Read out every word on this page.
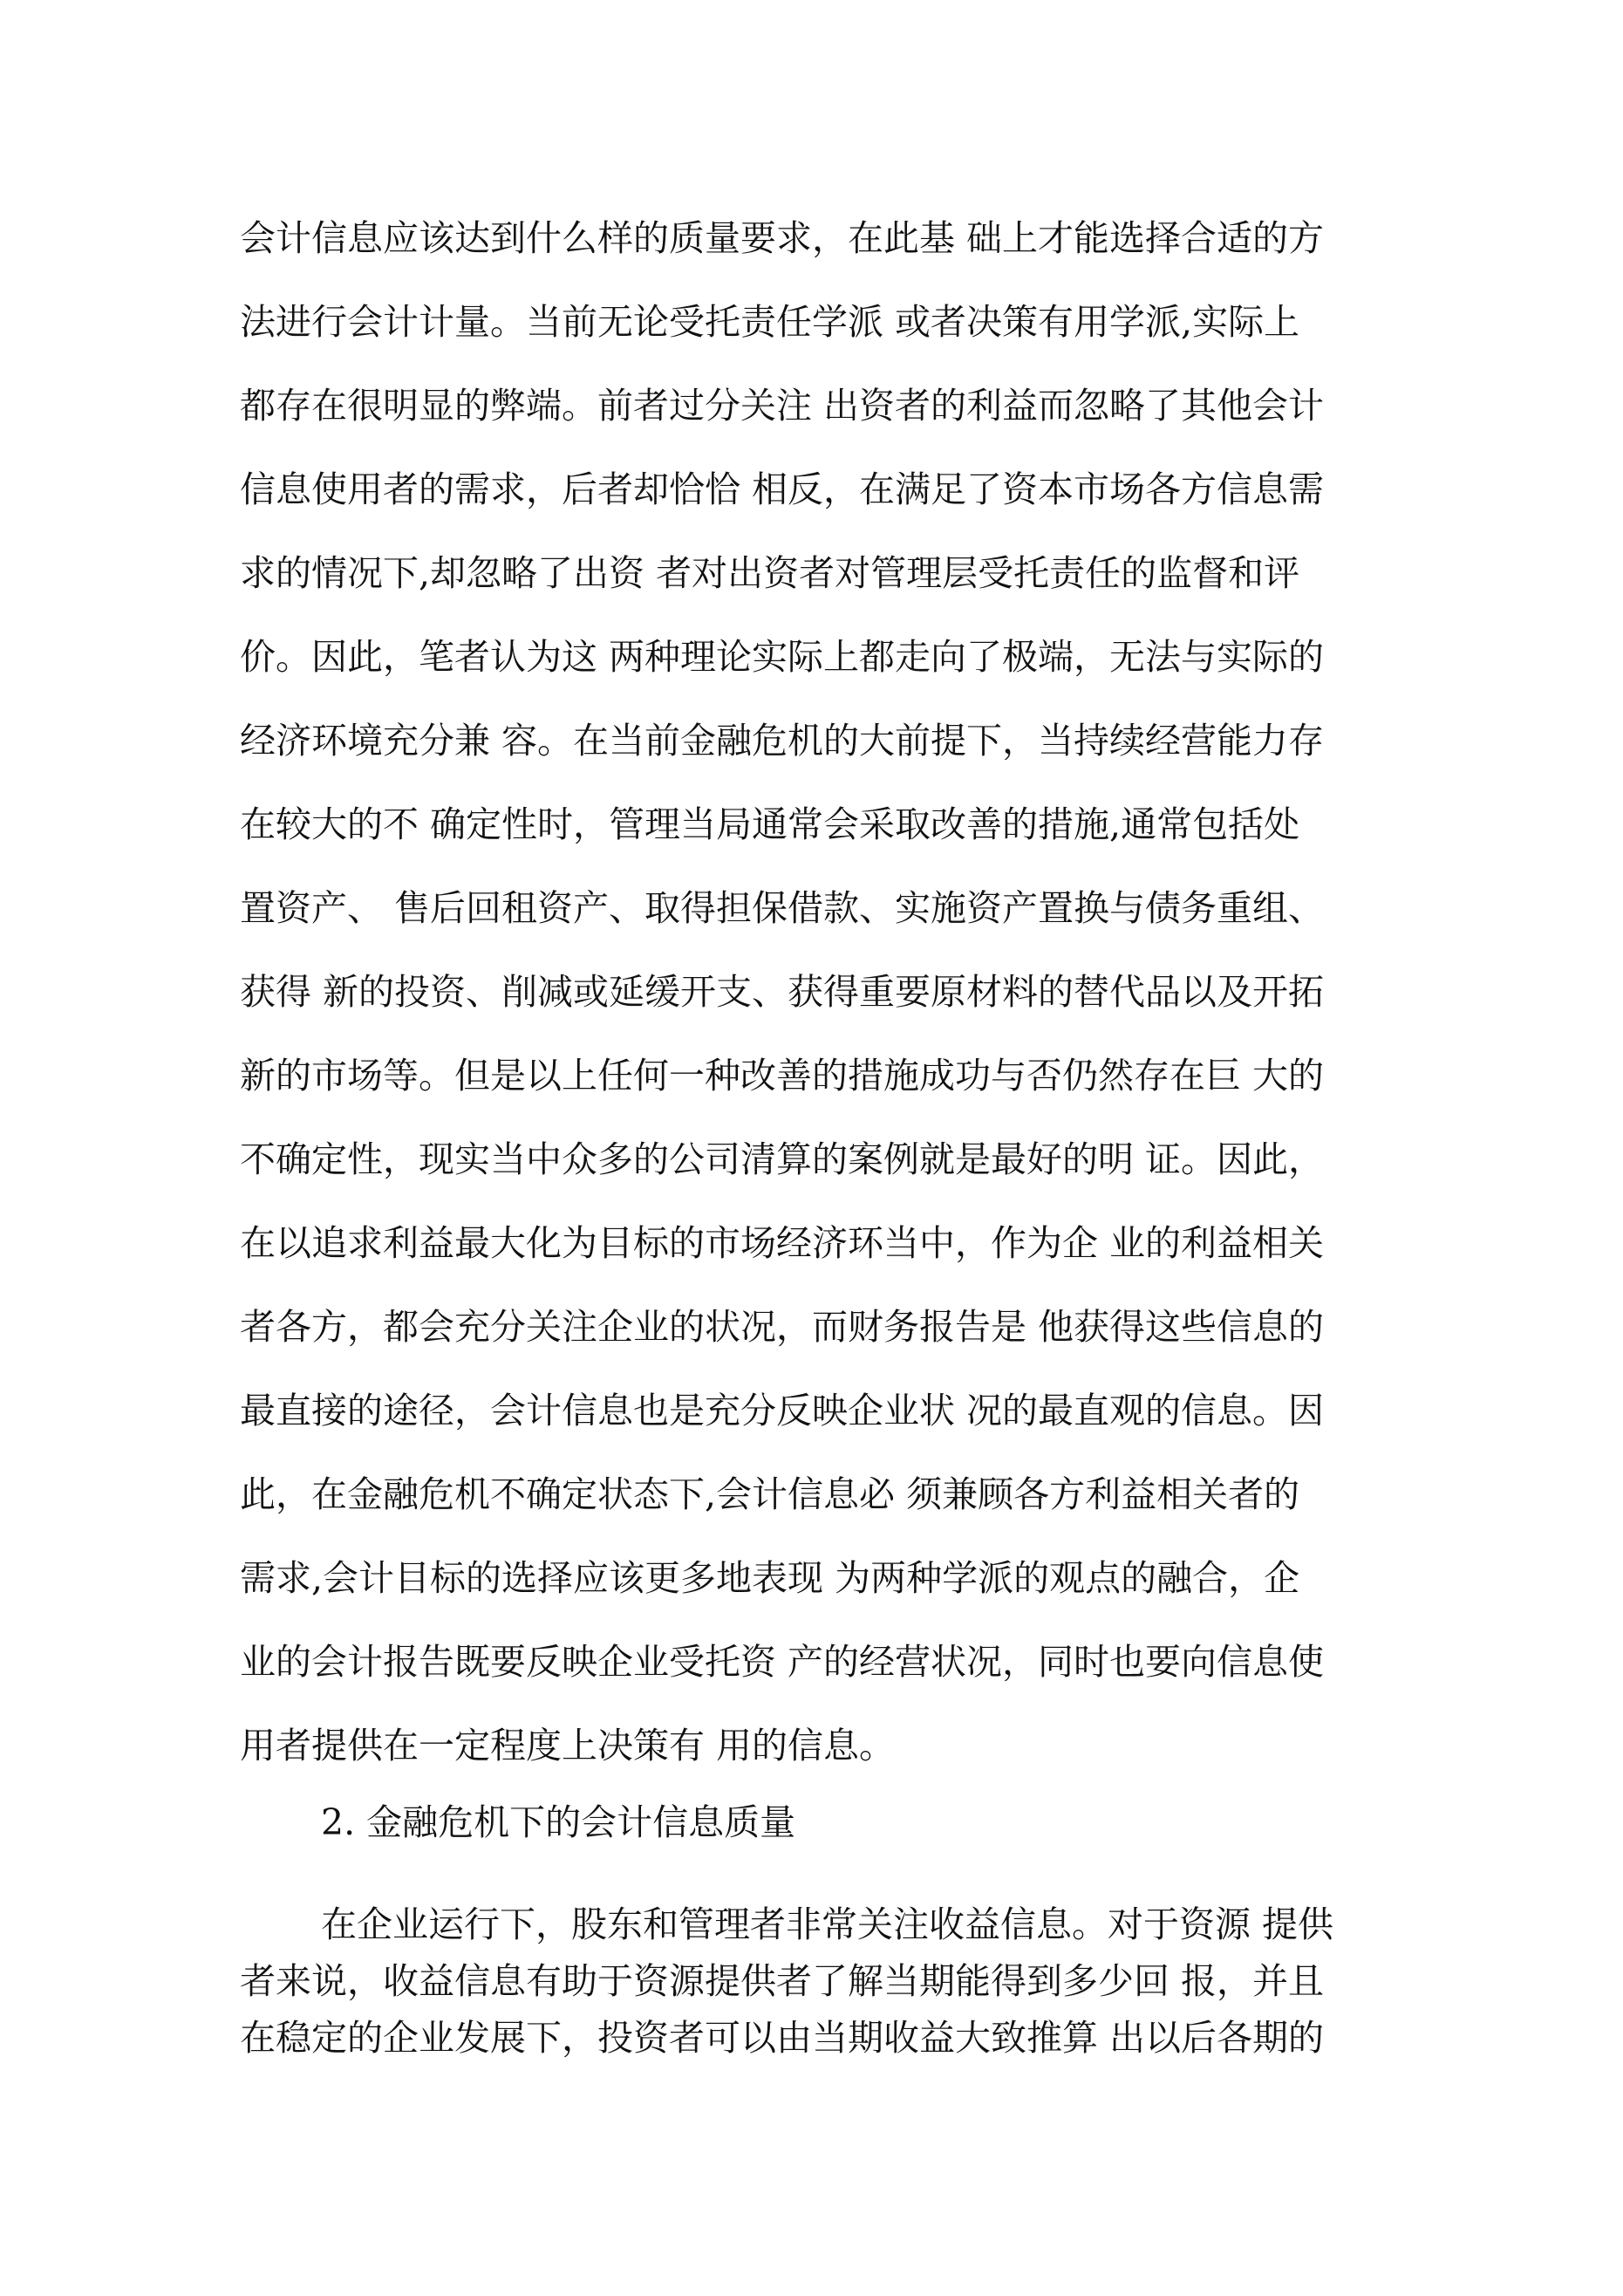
会计信息应该达到什么样的质量要求，在此基 础上才能选择合适的方
法进行会计计量。当前无论受托责任学派 或者决策有用学派,实际上
都存在很明显的弊端。前者过分关注 出资者的利益而忽略了其他会计
信息使用者的需求，后者却恰恰 相反，在满足了资本市场各方信息需
求的情况下,却忽略了出资 者对出资者对管理层受托责任的监督和评
价。因此，笔者认为这 两种理论实际上都走向了极端，无法与实际的
经济环境充分兼 容。在当前金融危机的大前提下，当持续经营能力存
在较大的不 确定性时，管理当局通常会采取改善的措施,通常包括处
置资产、 售后回租资产、取得担保借款、实施资产置换与债务重组、
获得 新的投资、削减或延缓开支、获得重要原材料的替代品以及开拓
新的市场等。但是以上任何一种改善的措施成功与否仍然存在巨 大的
不确定性，现实当中众多的公司清算的案例就是最好的明 证。因此，
在以追求利益最大化为目标的市场经济环当中，作为企 业的利益相关
者各方，都会充分关注企业的状况，而财务报告是 他获得这些信息的
最直接的途径，会计信息也是充分反映企业状 况的最直观的信息。因
此，在金融危机不确定状态下,会计信息必 须兼顾各方利益相关者的
需求,会计目标的选择应该更多地表现 为两种学派的观点的融合，企
业的会计报告既要反映企业受托资 产的经营状况，同时也要向信息使
用者提供在一定程度上决策有 用的信息。
2. 金融危机下的会计信息质量
在企业运行下，股东和管理者非常关注收益信息。对于资源 提供
者来说，收益信息有助于资源提供者了解当期能得到多少回 报，并且
在稳定的企业发展下，投资者可以由当期收益大致推算 出以后各期的
